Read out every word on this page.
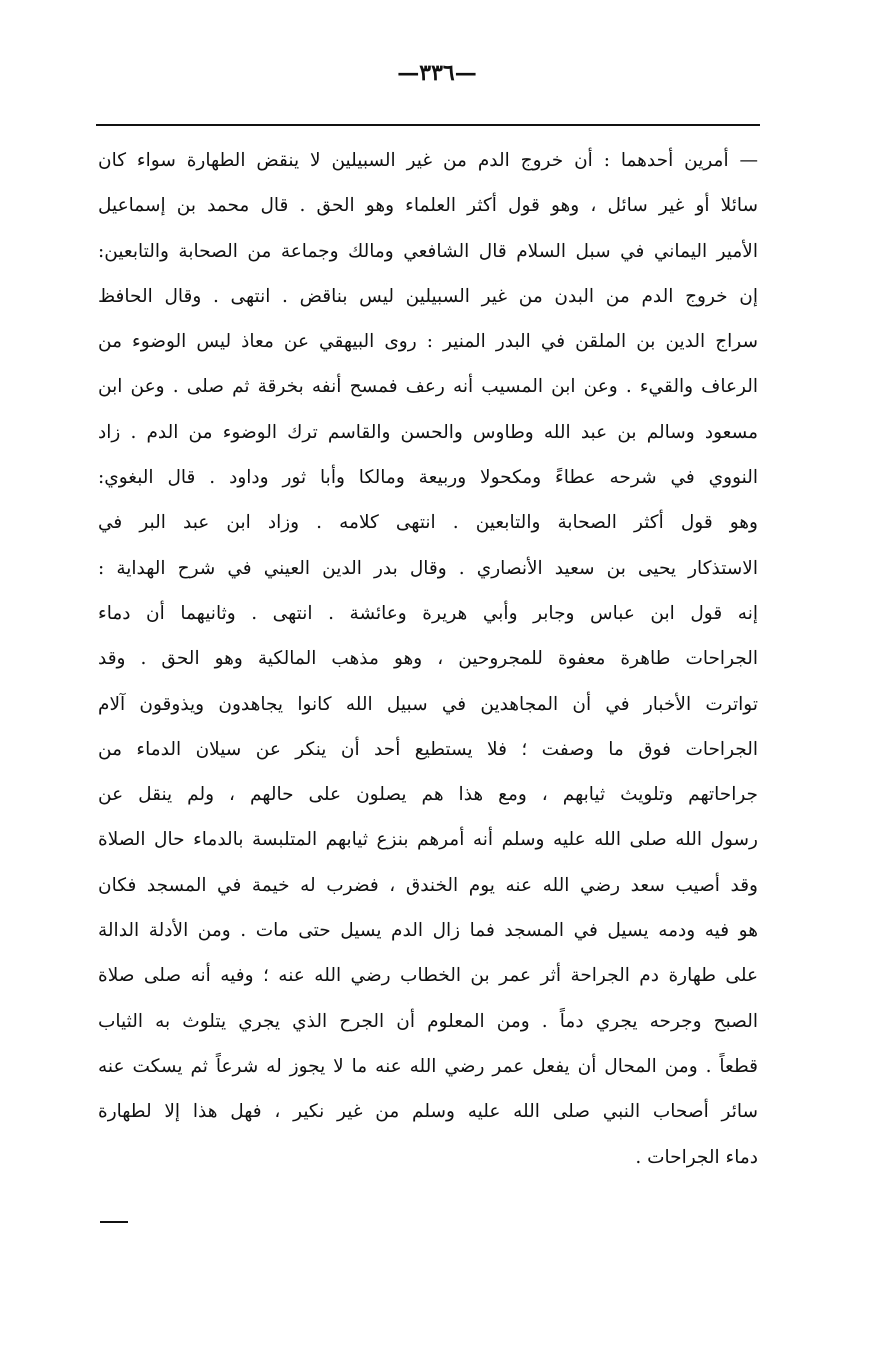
—٣٣٦—
— أمرين أحدهما : أن خروج الدم من غير السبيلين لا ينقض الطهارة سواء كان
سائلا أو غير سائل ، وهو قول أكثر العلماء وهو الحق . قال محمد بن إسماعيل
الأمير اليماني في سبل السلام قال الشافعي ومالك وجماعة من الصحابة والتابعين:
إن خروج الدم من البدن من غير السبيلين ليس بناقض . انتهى . وقال الحافظ
سراج الدين بن الملقن في البدر المنير : روى البيهقي عن معاذ ليس الوضوء من
الرعاف والقيء . وعن ابن المسيب أنه رعف فمسح أنفه بخرقة ثم صلى . وعن ابن
مسعود وسالم بن عبد الله وطاوس والحسن والقاسم ترك الوضوء من الدم . زاد
النووي في شرحه عطاءً ومكحولا وربيعة ومالكا وأبا ثور وداود . قال البغوي:
وهو قول أكثر الصحابة والتابعين . انتهى كلامه . وزاد ابن عبد البر في
الاستذكار يحيى بن سعيد الأنصاري . وقال بدر الدين العيني في شرح الهداية :
إنه قول ابن عباس وجابر وأبي هريرة وعائشة . انتهى . وثانيهما أن دماء
الجراحات طاهرة معفوة للمجروحين ، وهو مذهب المالكية وهو الحق . وقد
تواترت الأخبار في أن المجاهدين في سبيل الله كانوا يجاهدون ويذوقون آلام
الجراحات فوق ما وصفت ؛ فلا يستطيع أحد أن ينكر عن سيلان الدماء من
جراحاتهم وتلويث ثيابهم ، ومع هذا هم يصلون على حالهم ، ولم ينقل عن
رسول الله صلى الله عليه وسلم أنه أمرهم بنزع ثيابهم المتلبسة بالدماء حال الصلاة
وقد أصيب سعد رضي الله عنه يوم الخندق ، فضرب له خيمة في المسجد فكان
هو فيه ودمه يسيل في المسجد فما زال الدم يسيل حتى مات . ومن الأدلة الدالة
على طهارة دم الجراحة أثر عمر بن الخطاب رضي الله عنه ؛ وفيه أنه صلى صلاة
الصبح وجرحه يجري دماً . ومن المعلوم أن الجرح الذي يجري يتلوث به الثياب
قطعاً . ومن المحال أن يفعل عمر رضي الله عنه ما لا يجوز له شرعاً ثم يسكت عنه
سائر أصحاب النبي صلى الله عليه وسلم من غير نكير ، فهل هذا إلا لطهارة
دماء الجراحات .
